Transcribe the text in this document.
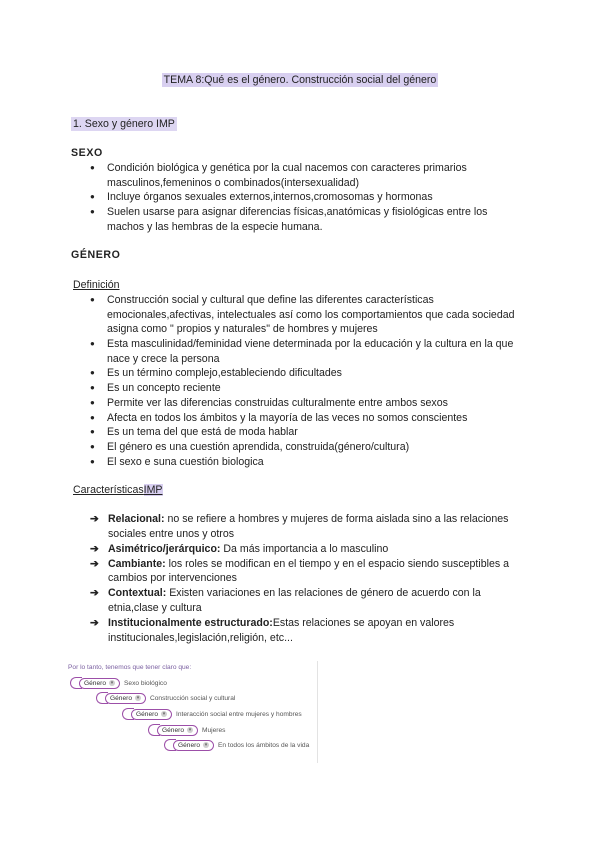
TEMA 8:Qué es el género. Construcción social del género
1. Sexo y género IMP
SEXO
● Condición biológica y genética por la cual nacemos con caracteres primarios masculinos,femeninos o combinados(intersexualidad)
● Incluye órganos sexuales externos,internos,cromosomas y hormonas
● Suelen usarse para asignar diferencias físicas,anatómicas y fisiológicas entre los machos y las hembras de la especie humana.
GÉNERO
Definición
● Construcción social y cultural que define las diferentes características emocionales,afectivas, intelectuales así como los comportamientos que cada sociedad asigna como " propios y naturales" de hombres y mujeres
● Esta masculinidad/feminidad viene determinada por la educación y la cultura en la que nace y crece la persona
● Es un término complejo,estableciendo dificultades
● Es un concepto reciente
● Permite ver las diferencias construidas culturalmente entre ambos sexos
● Afecta en todos los ámbitos y la mayoría de las veces no somos conscientes
● Es un tema del que está de moda hablar
● El género es una cuestión aprendida, construida(género/cultura)
● El sexo e suna cuestión biologica
CaracterísticasIMP
➔ Relacional: no se refiere a hombres y mujeres de forma aislada sino a las relaciones sociales entre unos y otros
➔ Asimétrico/jerárquico: Da más importancia a lo masculino
➔ Cambiante: los roles se modifican en el tiempo y en el espacio siendo susceptibles a cambios por intervenciones
➔ Contextual: Existen variaciones en las relaciones de género de acuerdo con la etnia,clase y cultura
➔ Institucionalmente estructurado:Estas relaciones se apoyan en valores institucionales,legislación,religión, etc...
Por lo tanto, tenemos que tener claro que:
Género ▾ Sexo biológico
Género ▾ Construcción social y cultural
Género ▾ Interacción social entre mujeres y hombres
Género ▾ Mujeres
Género ▾ En todos los ámbitos de la vida
